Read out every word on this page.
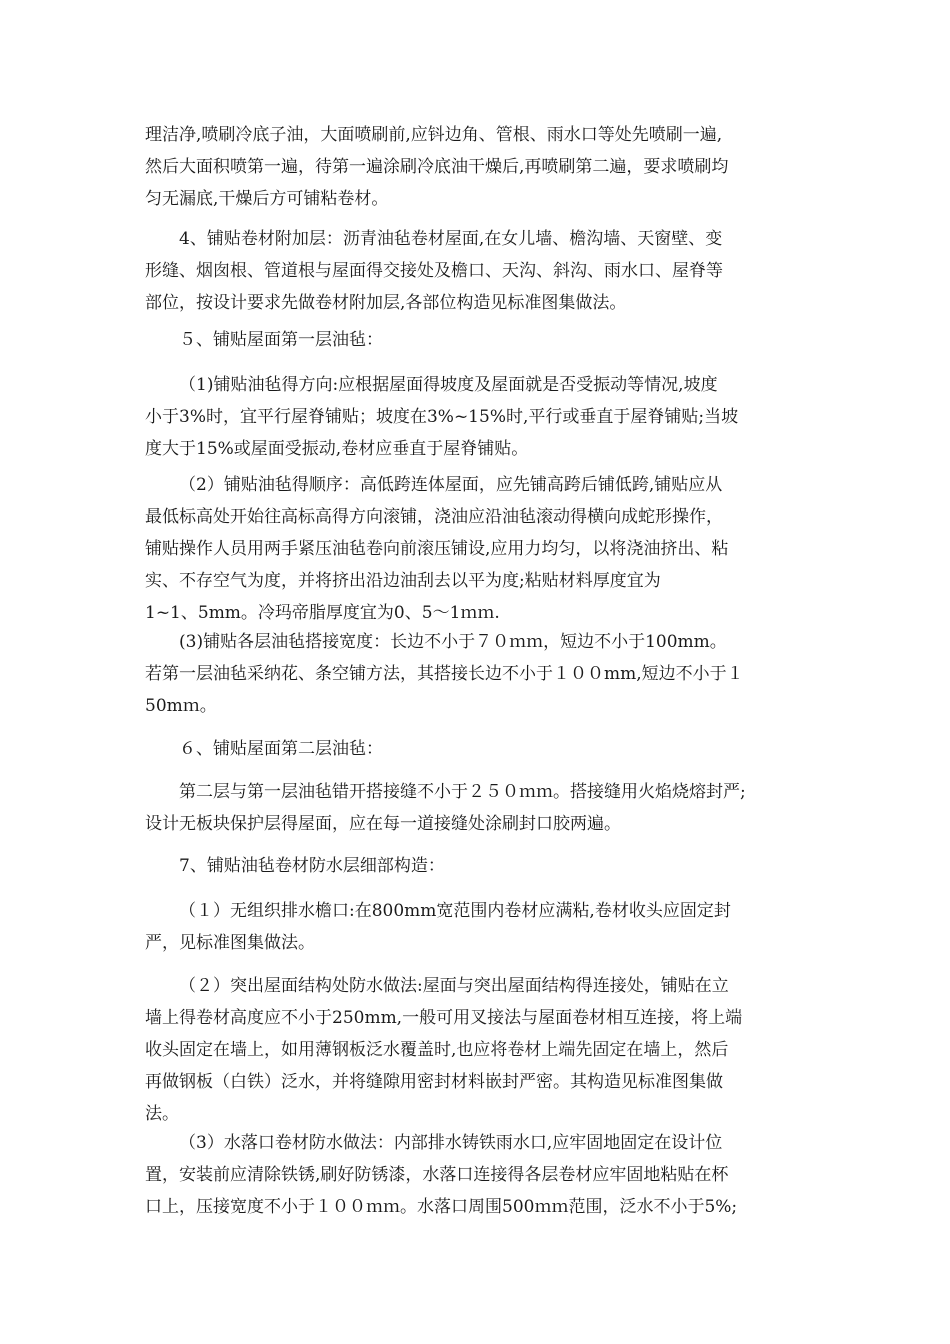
理洁净,喷刷冷底子油，大面喷刷前,应钭边角、管根、雨水口等处先喷刷一遍,
然后大面积喷第一遍，待第一遍涂刷冷底油干燥后,再喷刷第二遍，要求喷刷均
匀无漏底,干燥后方可铺粘卷材。
4、铺贴卷材附加层：沥青油毡卷材屋面,在女儿墙、檐沟墙、天窗壁、变
形缝、烟囱根、管道根与屋面得交接处及檐口、天沟、斜沟、雨水口、屋脊等
部位，按设计要求先做卷材附加层,各部位构造见标准图集做法。
５、铺贴屋面第一层油毡：
（1)铺贴油毡得方向:应根据屋面得坡度及屋面就是否受振动等情况,坡度
小于3%时，宜平行屋脊铺贴；坡度在3%~15%时,平行或垂直于屋脊铺贴;当坡
度大于15%或屋面受振动,卷材应垂直于屋脊铺贴。
（2）铺贴油毡得顺序：高低跨连体屋面，应先铺高跨后铺低跨,铺贴应从
最低标高处开始往高标高得方向滚铺，浇油应沿油毡滚动得横向成蛇形操作，
铺贴操作人员用两手紧压油毡卷向前滚压铺设,应用力均匀，以将浇油挤出、粘
实、不存空气为度，并将挤出沿边油刮去以平为度;粘贴材料厚度宜为
1~1、5mm。冷玛帝脂厚度宜为0、5～1ｍｍ.
(3)铺贴各层油毡搭接宽度：长边不小于７０ｍｍ，短边不小于100mm。
若第一层油毡采纳花、条空铺方法，其搭接长边不小于１００mm,短边不小于１
50mｍ。
６、铺贴屋面第二层油毡：
第二层与第一层油毡错开搭接缝不小于２５０ｍｍ。搭接缝用火焰烧熔封严;
设计无板块保护层得屋面，应在每一道接缝处涂刷封口胶两遍。
7、铺贴油毡卷材防水层细部构造：
（１）无组织排水檐口:在800mm宽范围内卷材应满粘,卷材收头应固定封
严，见标准图集做法。
（２）突出屋面结构处防水做法:屋面与突出屋面结构得连接处，铺贴在立
墙上得卷材高度应不小于250mm,一般可用叉接法与屋面卷材相互连接，将上端
收头固定在墙上，如用薄钢板泛水覆盖时,也应将卷材上端先固定在墙上，然后
再做钢板（白铁）泛水，并将缝隙用密封材料嵌封严密。其构造见标准图集做
法。
（3）水落口卷材防水做法：内部排水铸铁雨水口,应牢固地固定在设计位
置，安装前应清除铁锈,刷好防锈漆，水落口连接得各层卷材应牢固地粘贴在杯
口上，压接宽度不小于１００ｍｍ。水落口周围500ｍｍ范围，泛水不小于5%;
